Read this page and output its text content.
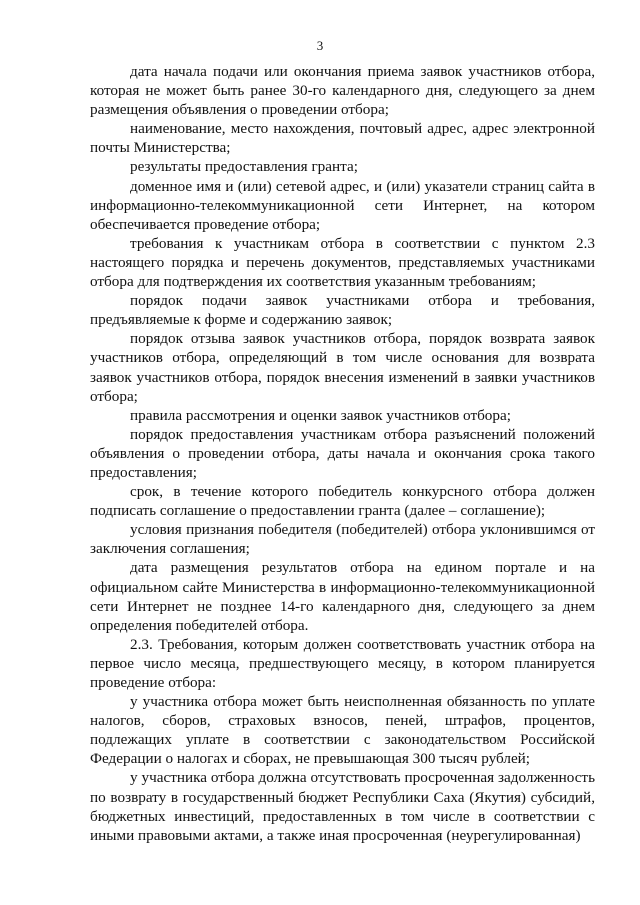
3

дата начала подачи или окончания приема заявок участников отбора, которая не может быть ранее 30-го календарного дня, следующего за днем размещения объявления о проведении отбора;

наименование, место нахождения, почтовый адрес, адрес электронной почты Министерства;

результаты предоставления гранта;

доменное имя и (или) сетевой адрес, и (или) указатели страниц сайта в информационно-телекоммуникационной сети Интернет, на котором обеспечивается проведение отбора;

требования к участникам отбора в соответствии с пунктом 2.3 настоящего порядка и перечень документов, представляемых участниками отбора для подтверждения их соответствия указанным требованиям;

порядок подачи заявок участниками отбора и требования, предъявляемые к форме и содержанию заявок;

порядок отзыва заявок участников отбора, порядок возврата заявок участников отбора, определяющий в том числе основания для возврата заявок участников отбора, порядок внесения изменений в заявки участников отбора;

правила рассмотрения и оценки заявок участников отбора;

порядок предоставления участникам отбора разъяснений положений объявления о проведении отбора, даты начала и окончания срока такого предоставления;

срок, в течение которого победитель конкурсного отбора должен подписать соглашение о предоставлении гранта (далее – соглашение);

условия признания победителя (победителей) отбора уклонившимся от заключения соглашения;

дата размещения результатов отбора на едином портале и на официальном сайте Министерства в информационно-телекоммуникационной сети Интернет не позднее 14-го календарного дня, следующего за днем определения победителей отбора.

2.3. Требования, которым должен соответствовать участник отбора на первое число месяца, предшествующего месяцу, в котором планируется проведение отбора:

у участника отбора может быть неисполненная обязанность по уплате налогов, сборов, страховых взносов, пеней, штрафов, процентов, подлежащих уплате в соответствии с законодательством Российской Федерации о налогах и сборах, не превышающая 300 тысяч рублей;

у участника отбора должна отсутствовать просроченная задолженность по возврату в государственный бюджет Республики Саха (Якутия) субсидий, бюджетных инвестиций, предоставленных в том числе в соответствии с иными правовыми актами, а также иная просроченная (неурегулированная)
